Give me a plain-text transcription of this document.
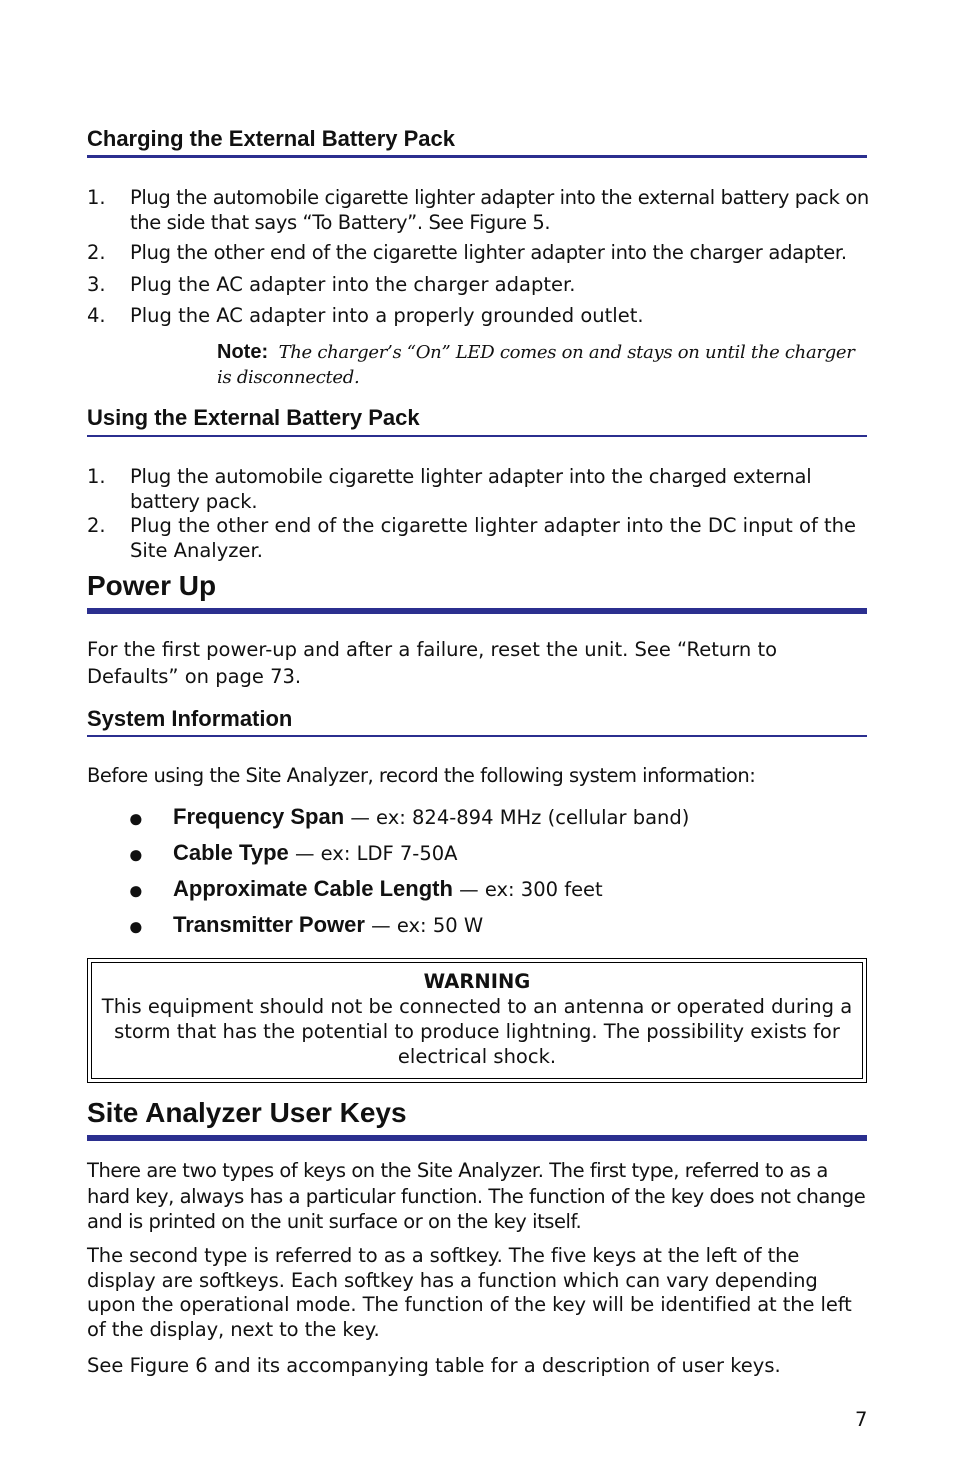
Charging the External Battery Pack
1. Plug the automobile cigarette lighter adapter into the external battery pack on the side that says “To Battery”. See Figure 5.
2. Plug the other end of the cigarette lighter adapter into the charger adapter.
3. Plug the AC adapter into the charger adapter.
4. Plug the AC adapter into a properly grounded outlet.
Note: The charger’s “On” LED comes on and stays on until the charger is disconnected.
Using the External Battery Pack
1. Plug the automobile cigarette lighter adapter into the charged external battery pack.
2. Plug the other end of the cigarette lighter adapter into the DC input of the Site Analyzer.
Power Up
For the first power-up and after a failure, reset the unit. See “Return to Defaults” on page 73.
System Information
Before using the Site Analyzer, record the following system information:
● Frequency Span — ex: 824-894 MHz (cellular band)
● Cable Type — ex: LDF 7-50A
● Approximate Cable Length — ex: 300 feet
● Transmitter Power — ex: 50 W
WARNING
This equipment should not be connected to an antenna or operated during a storm that has the potential to produce lightning. The possibility exists for electrical shock.
Site Analyzer User Keys
There are two types of keys on the Site Analyzer. The first type, referred to as a hard key, always has a particular function. The function of the key does not change and is printed on the unit surface or on the key itself.
The second type is referred to as a softkey. The five keys at the left of the display are softkeys. Each softkey has a function which can vary depending upon the operational mode. The function of the key will be identified at the left of the display, next to the key.
See Figure 6 and its accompanying table for a description of user keys.
7
